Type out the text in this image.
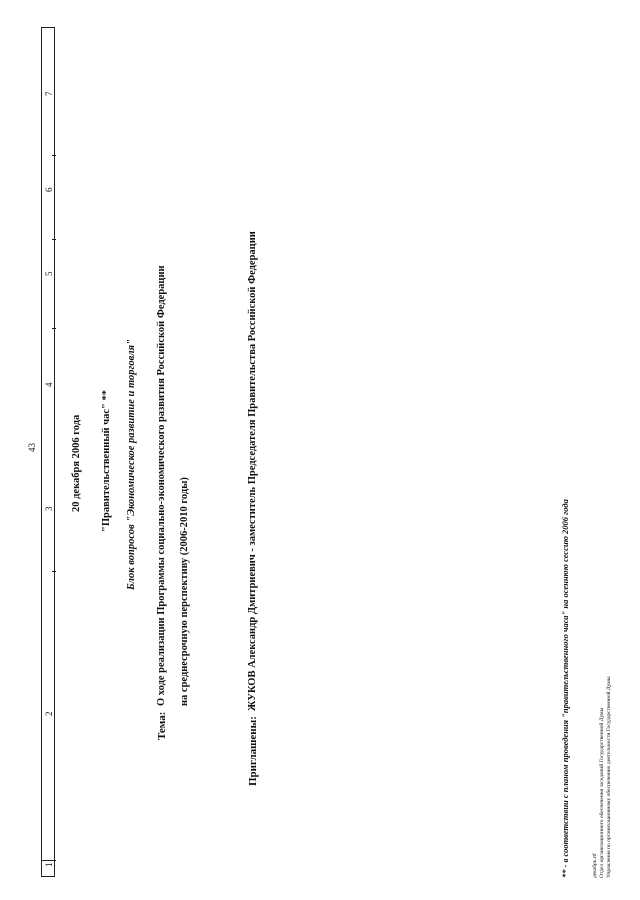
43
1
2
3
4
5
6
7
20 декабря 2006 года "Правительственный час" ** Блок вопросов "Экономическое развитие и торговля"
Тема:
О ходе реализации Программы социально-экономического развития Российской Федерации на среднесрочную перспективу (2006-2010 годы)
Приглашены:
ЖУКОВ Александр Дмитриевич - заместитель Председателя Правительства Российской Федерации	** - в соответствии с планом проведения "правительственного часа" на осеннюю сессию 2006 года	декабрь.rtf Отдел организационного обеспечения заседаний Государственной Думы Управления по организационному обеспечению деятельности Государственной Думы
